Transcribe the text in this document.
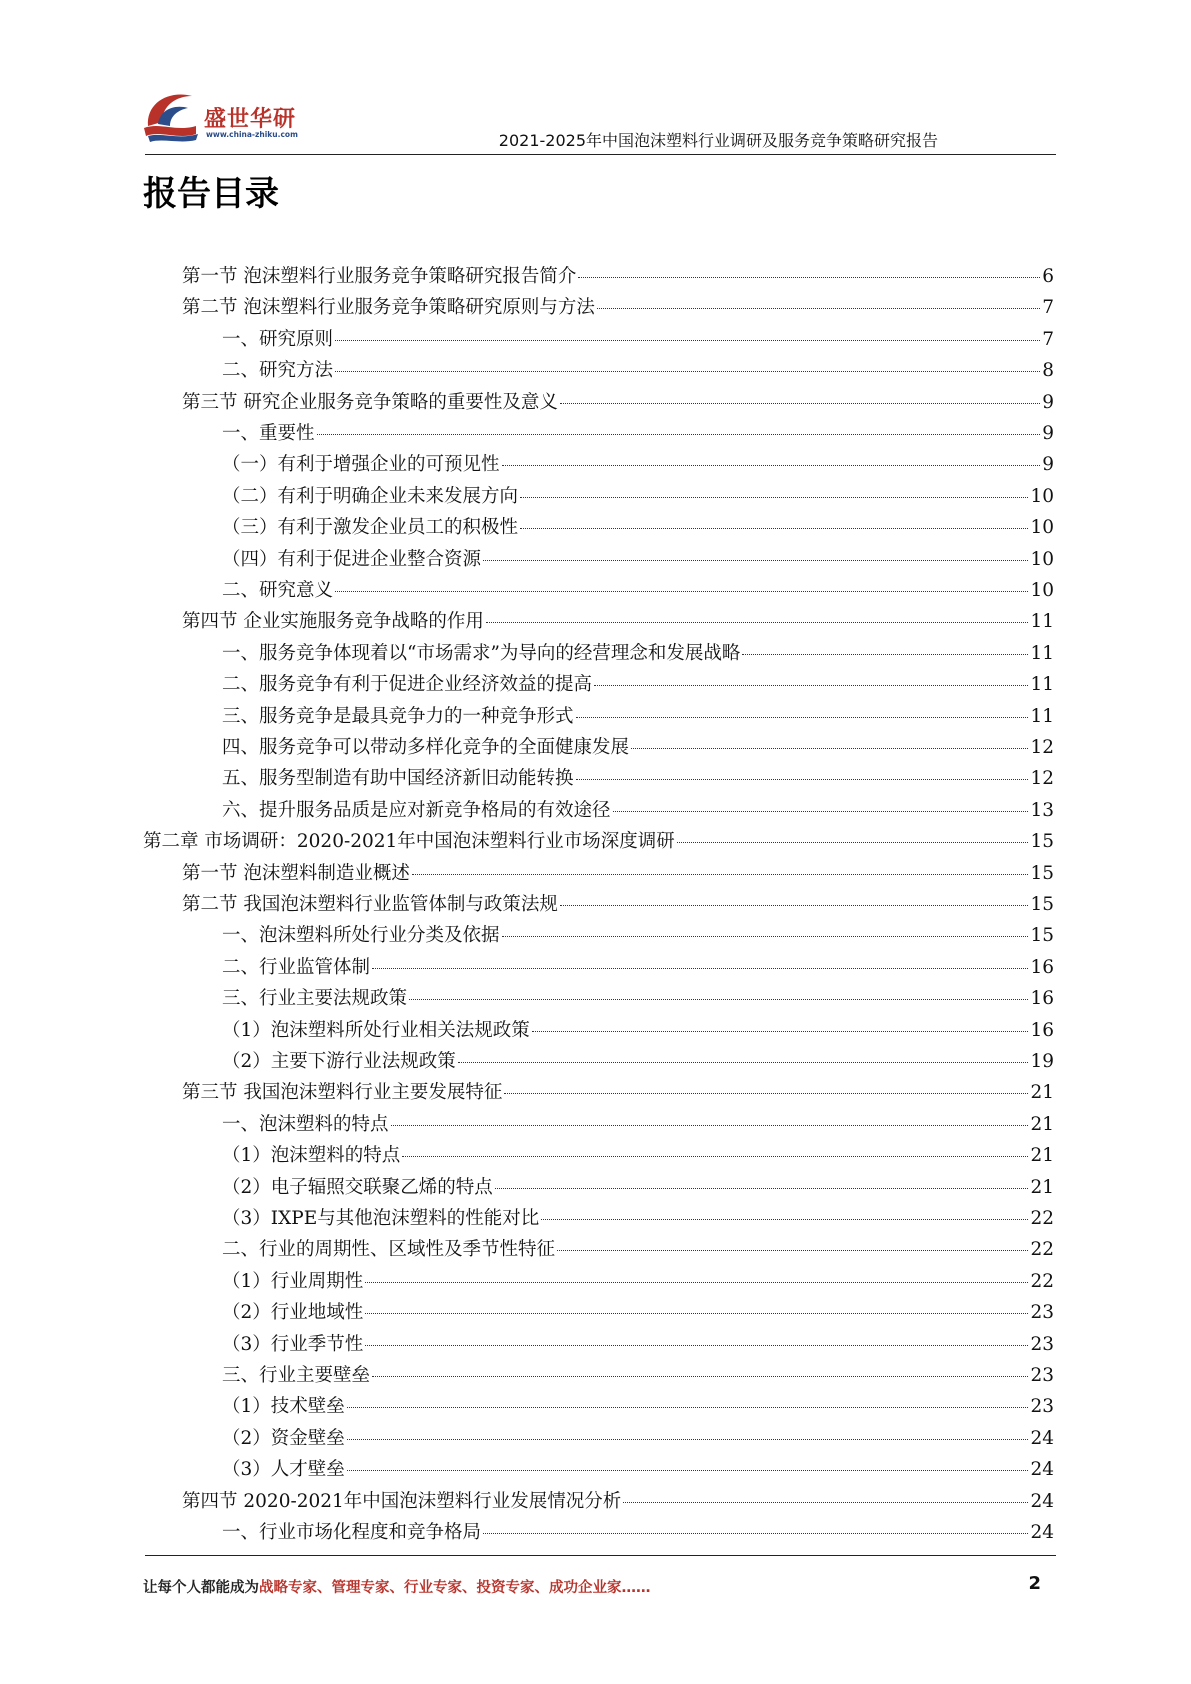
盛世华研
www.china-zhiku.com	2021-2025年中国泡沫塑料行业调研及服务竞争策略研究报告
报告目录
第一节 泡沫塑料行业服务竞争策略研究报告简介	6
第二节 泡沫塑料行业服务竞争策略研究原则与方法	7
一、研究原则	7
二、研究方法	8
第三节 研究企业服务竞争策略的重要性及意义	9
一、重要性	9
（一）有利于增强企业的可预见性	9
（二）有利于明确企业未来发展方向	10
（三）有利于激发企业员工的积极性	10
（四）有利于促进企业整合资源	10
二、研究意义	10
第四节 企业实施服务竞争战略的作用	11
一、服务竞争体现着以“市场需求”为导向的经营理念和发展战略	11
二、服务竞争有利于促进企业经济效益的提高	11
三、服务竞争是最具竞争力的一种竞争形式	11
四、服务竞争可以带动多样化竞争的全面健康发展	12
五、服务型制造有助中国经济新旧动能转换	12
六、提升服务品质是应对新竞争格局的有效途径	13
第二章 市场调研：2020-2021年中国泡沫塑料行业市场深度调研	15
第一节 泡沫塑料制造业概述	15
第二节 我国泡沫塑料行业监管体制与政策法规	15
一、泡沫塑料所处行业分类及依据	15
二、行业监管体制	16
三、行业主要法规政策	16
（1）泡沫塑料所处行业相关法规政策	16
（2）主要下游行业法规政策	19
第三节 我国泡沫塑料行业主要发展特征	21
一、泡沫塑料的特点	21
（1）泡沫塑料的特点	21
（2）电子辐照交联聚乙烯的特点	21
（3）IXPE与其他泡沫塑料的性能对比	22
二、行业的周期性、区域性及季节性特征	22
（1）行业周期性	22
（2）行业地域性	23
（3）行业季节性	23
三、行业主要壁垒	23
（1）技术壁垒	23
（2）资金壁垒	24
（3）人才壁垒	24
第四节 2020-2021年中国泡沫塑料行业发展情况分析	24
一、行业市场化程度和竞争格局	24
让每个人都能成为战略专家、管理专家、行业专家、投资专家、成功企业家……	2
